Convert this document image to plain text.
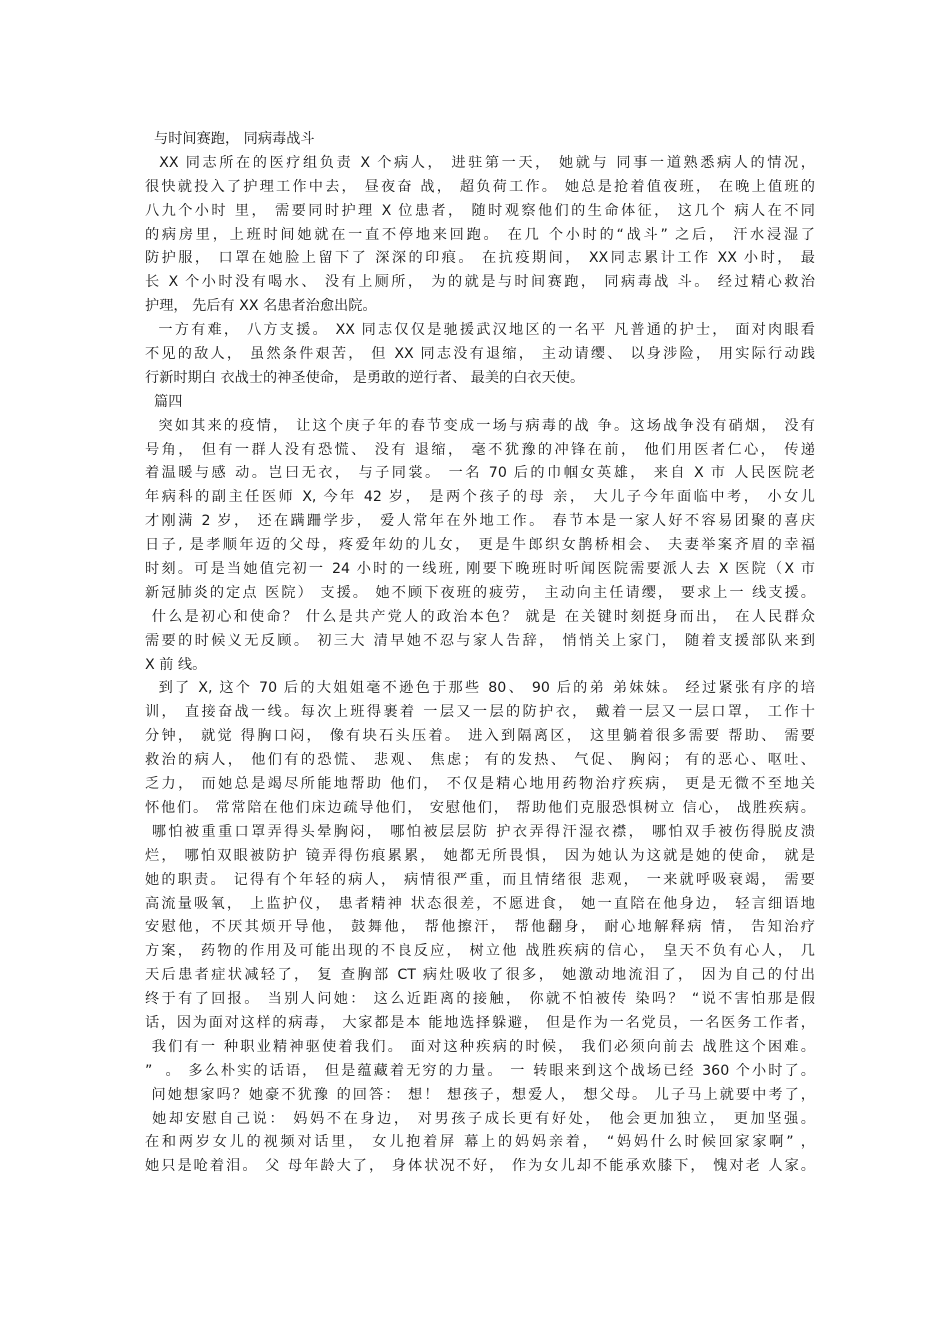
与时间赛跑， 同病毒战斗
XX 同志所在的医疗组负责 X 个病人， 进驻第一天， 她就与 同事一道熟悉病人的情况，
很快就投入了护理工作中去， 昼夜奋 战， 超负荷工作。 她总是抢着值夜班， 在晚上值班的
八九个小时 里， 需要同时护理 X 位患者， 随时观察他们的生命体征， 这几个 病人在不同
的病房里，上班时间她就在一直不停地来回跑。 在几 个小时的“战斗” 之后， 汗水浸湿了
防护服， 口罩在她脸上留下了 深深的印痕。 在抗疫期间， XX同志累计工作 XX 小时， 最
长 X 个小时没有喝水、 没有上厕所， 为的就是与时间赛跑， 同病毒战 斗。 经过精心救治
护理， 先后有 XX 名患者治愈出院。
一方有难， 八方支援。 XX 同志仅仅是驰援武汉地区的一名平 凡普通的护士， 面对肉眼看
不见的敌人， 虽然条件艰苦， 但 XX 同志没有退缩， 主动请缨、 以身涉险， 用实际行动践
行新时期白 衣战士的神圣使命， 是勇敢的逆行者、 最美的白衣天使。
篇四
突如其来的疫情， 让这个庚子年的春节变成一场与病毒的战 争。这场战争没有硝烟， 没有
号角， 但有一群人没有恐慌、 没有 退缩， 毫不犹豫的冲锋在前， 他们用医者仁心， 传递
着温暖与感 动。岂曰无衣， 与子同裳。 一名 70 后的巾帼女英雄， 来自 X 市 人民医院老
年病科的副主任医师 X, 今年 42 岁， 是两个孩子的母 亲， 大儿子今年面临中考， 小女儿
才刚满 2 岁， 还在蹒跚学步， 爱人常年在外地工作。 春节本是一家人好不容易团聚的喜庆
日子, 是孝顺年迈的父母，疼爱年幼的儿女， 更是牛郎织女鹊桥相会、 夫妻举案齐眉的幸福
时刻。可是当她值完初一 24 小时的一线班, 刚要下晚班时听闻医院需要派人去 X 医院（X 市
新冠肺炎的定点 医院） 支援。 她不顾下夜班的疲劳， 主动向主任请缨， 要求上一 线支援。
什么是初心和使命？ 什么是共产党人的政治本色？ 就是 在关键时刻挺身而出， 在人民群众
需要的时候义无反顾。 初三大 清早她不忍与家人告辞， 悄悄关上家门， 随着支援部队来到
X 前 线。
到了 X, 这个 70 后的大姐姐毫不逊色于那些 80、 90 后的弟 弟妹妹。 经过紧张有序的培
训， 直接奋战一线。每次上班得裹着 一层又一层的防护衣， 戴着一层又一层口罩， 工作十
分钟， 就觉 得胸口闷， 像有块石头压着。 进入到隔离区， 这里躺着很多需要 帮助、 需要
救治的病人， 他们有的恐慌、 悲观、 焦虑； 有的发热、 气促、 胸闷； 有的恶心、呕吐、
乏力， 而她总是竭尽所能地帮助 他们， 不仅是精心地用药物治疗疾病， 更是无微不至地关
怀他们。 常常陪在他们床边疏导他们， 安慰他们， 帮助他们克服恐惧树立 信心， 战胜疾病。
哪怕被重重口罩弄得头晕胸闷， 哪怕被层层防 护衣弄得汗湿衣襟， 哪怕双手被伤得脱皮溃
烂， 哪怕双眼被防护 镜弄得伤痕累累， 她都无所畏惧， 因为她认为这就是她的使命， 就是
她的职责。 记得有个年轻的病人， 病情很严重，而且情绪很 悲观， 一来就呼吸衰竭， 需要
高流量吸氧， 上监护仪， 患者精神 状态很差，不愿进食， 她一直陪在他身边， 轻言细语地
安慰他，不厌其烦开导他， 鼓舞他， 帮他擦汗， 帮他翻身， 耐心地解释病 情， 告知治疗
方案， 药物的作用及可能出现的不良反应， 树立他 战胜疾病的信心， 皇天不负有心人， 几
天后患者症状减轻了， 复 查胸部 CT 病灶吸收了很多， 她激动地流泪了， 因为自己的付出
终于有了回报。 当别人问她： 这么近距离的接触， 你就不怕被传 染吗？ “说不害怕那是假
话，因为面对这样的病毒， 大家都是本 能地选择躲避， 但是作为一名党员，一名医务工作者，
我们有一 种职业精神驱使着我们。 面对这种疾病的时候， 我们必须向前去 战胜这个困难。
”  。 多么朴实的话语， 但是蕴藏着无穷的力量。 一 转眼来到这个战场已经 360 个小时了。
问她想家吗？她豪不犹豫 的回答： 想！ 想孩子，想爱人， 想父母。 儿子马上就要中考了，
她却安慰自己说： 妈妈不在身边， 对男孩子成长更有好处， 他会更加独立， 更加坚强。
在和两岁女儿的视频对话里， 女儿抱着屏 幕上的妈妈亲着， “妈妈什么时候回家家啊” ，
她只是呛着泪。 父 母年龄大了， 身体状况不好， 作为女儿却不能承欢膝下， 愧对老 人家。
